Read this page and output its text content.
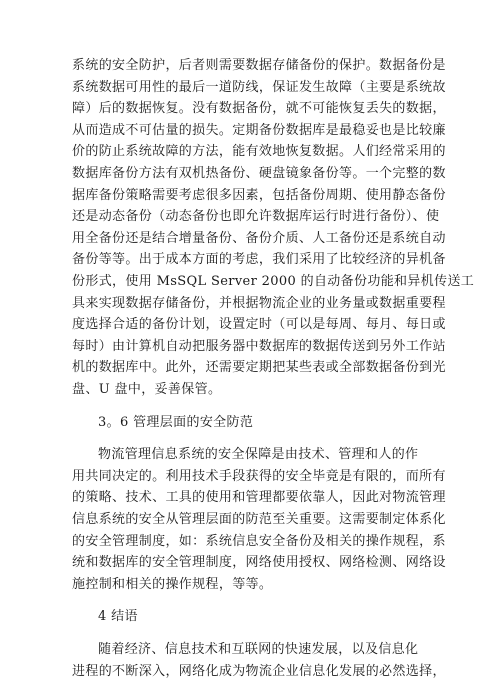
系统的安全防护，后者则需要数据存储备份的保护。数据备份是
系统数据可用性的最后一道防线，保证发生故障（主要是系统故
障）后的数据恢复。没有数据备份，就不可能恢复丢失的数据，
从而造成不可估量的损失。定期备份数据库是最稳妥也是比较廉
价的防止系统故障的方法，能有效地恢复数据。人们经常采用的
数据库备份方法有双机热备份、硬盘镜象备份等。一个完整的数
据库备份策略需要考虑很多因素，包括备份周期、使用静态备份
还是动态备份（动态备份也即允许数据库运行时进行备份）、使
用全备份还是结合增量备份、备份介质、人工备份还是系统自动
备份等等。出于成本方面的考虑，我们采用了比较经济的异机备
份形式，使用 MsSQL Server 2000 的自动备份功能和异机传送工
具来实现数据存储备份，并根据物流企业的业务量或数据重要程
度选择合适的备份计划，设置定时（可以是每周、每月、每日或
每时）由计算机自动把服务器中数据库的数据传送到另外工作站
机的数据库中。此外，还需要定期把某些表或全部数据备份到光
盘、U 盘中，妥善保管。
3。6 管理层面的安全防范
物流管理信息系统的安全保障是由技术、管理和人的作
用共同决定的。利用技术手段获得的安全毕竟是有限的，而所有
的策略、技术、工具的使用和管理都要依靠人，因此对物流管理
信息系统的安全从管理层面的防范至关重要。这需要制定体系化
的安全管理制度，如：系统信息安全备份及相关的操作规程，系
统和数据库的安全管理制度，网络使用授权、网络检测、网络设
施控制和相关的操作规程，等等。
4 结语
随着经济、信息技术和互联网的快速发展，以及信息化
进程的不断深入，网络化成为物流企业信息化发展的必然选择，
